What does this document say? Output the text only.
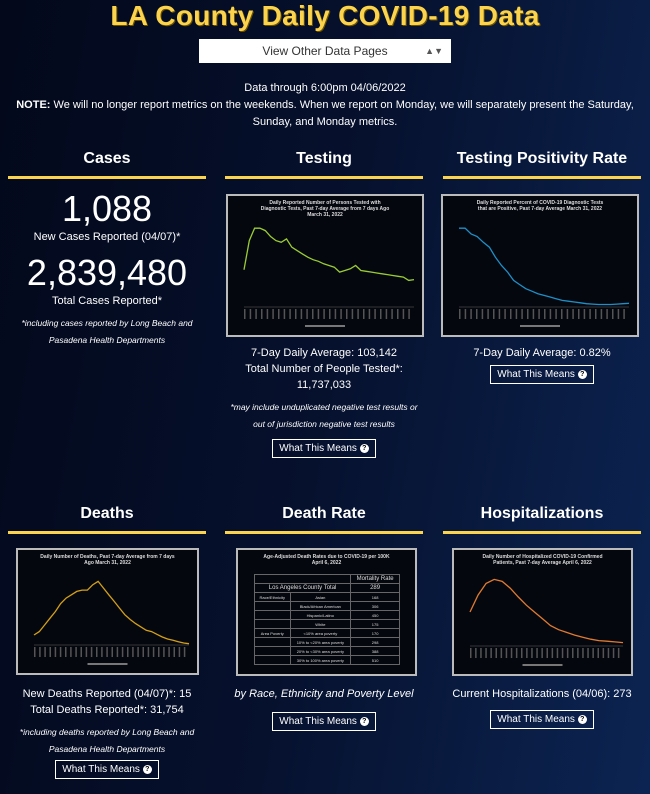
LA County Daily COVID-19 Data
View Other Data Pages	▲▼
Data through 6:00pm 04/06/2022
NOTE: We will no longer report metrics on the weekends. When we report on Monday, we will separately present the Saturday, Sunday, and Monday metrics.
Cases
1,088
New Cases Reported (04/07)*
2,839,480
Total Cases Reported*
*including cases reported by Long Beach and Pasadena Health Departments
Testing
7-Day Daily Average: 103,142
Total Number of People Tested*:
11,737,033
*may include unduplicated negative test results or out of jurisdiction negative test results
What This Means ?
Daily Reported Number of Persons Tested with Diagnostic Tests, Past 7-day Average from 7 days Ago March 31, 2022
Testing Positivity Rate
7-Day Daily Average: 0.82%
What This Means ?
Daily Reported Percent of COVID-19 Diagnostic Tests that are Positive, Past 7-day Average March 31, 2022
Deaths
New Deaths Reported (04/07)*: 15
Total Deaths Reported*: 31,754
*including deaths reported by Long Beach and Pasadena Health Departments
What This Means ?
Daily Number of Deaths, Past 7-day Average from 7 days Ago March 31, 2022
Death Rate
by Race, Ethnicity and Poverty Level
What This Means ?
Age-Adjusted Death Rates due to COVID-19 per 100K April 6, 2022
		Mortality Rate
Los Angeles County Total		289
Race/Ethnicity	Asian	168
	Black/African American	306
	Hispanic/Latino	450
	White	175
Area Poverty	<10% area poverty	170
	10% to <20% area poverty	298
	20% to <30% area poverty	388
	30% to 100% area poverty	510
Hospitalizations
Current Hospitalizations (04/06): 273
What This Means ?
Daily Number of Hospitalized COVID-19 Confirmed Patients, Past 7-day Average April 6, 2022
